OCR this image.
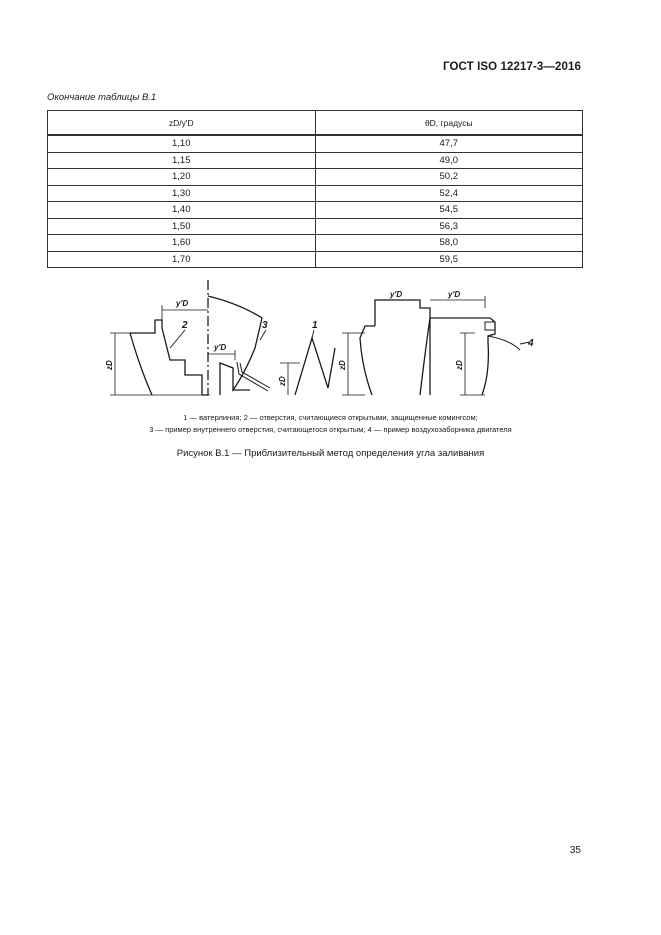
ГОСТ ISO 12217-3—2016
Окончание таблицы В.1
zD/y'D	θD, градусы
1,10	47,7
1,15	49,0
1,20	50,2
1,30	52,4
1,40	54,5
1,50	56,3
1,60	58,0
1,70	59,5
2	3	1
4
y'D
y'D
y'D	y'D
zD
zD
zD	zD
1 — ватерлиния; 2 — отверстия, считающиеся открытыми, защищенные комингсом;
3 — пример внутреннего отверстия, считающегося открытым; 4 — пример воздухозаборника двигателя
Рисунок В.1 — Приблизительный метод определения угла заливания
35
